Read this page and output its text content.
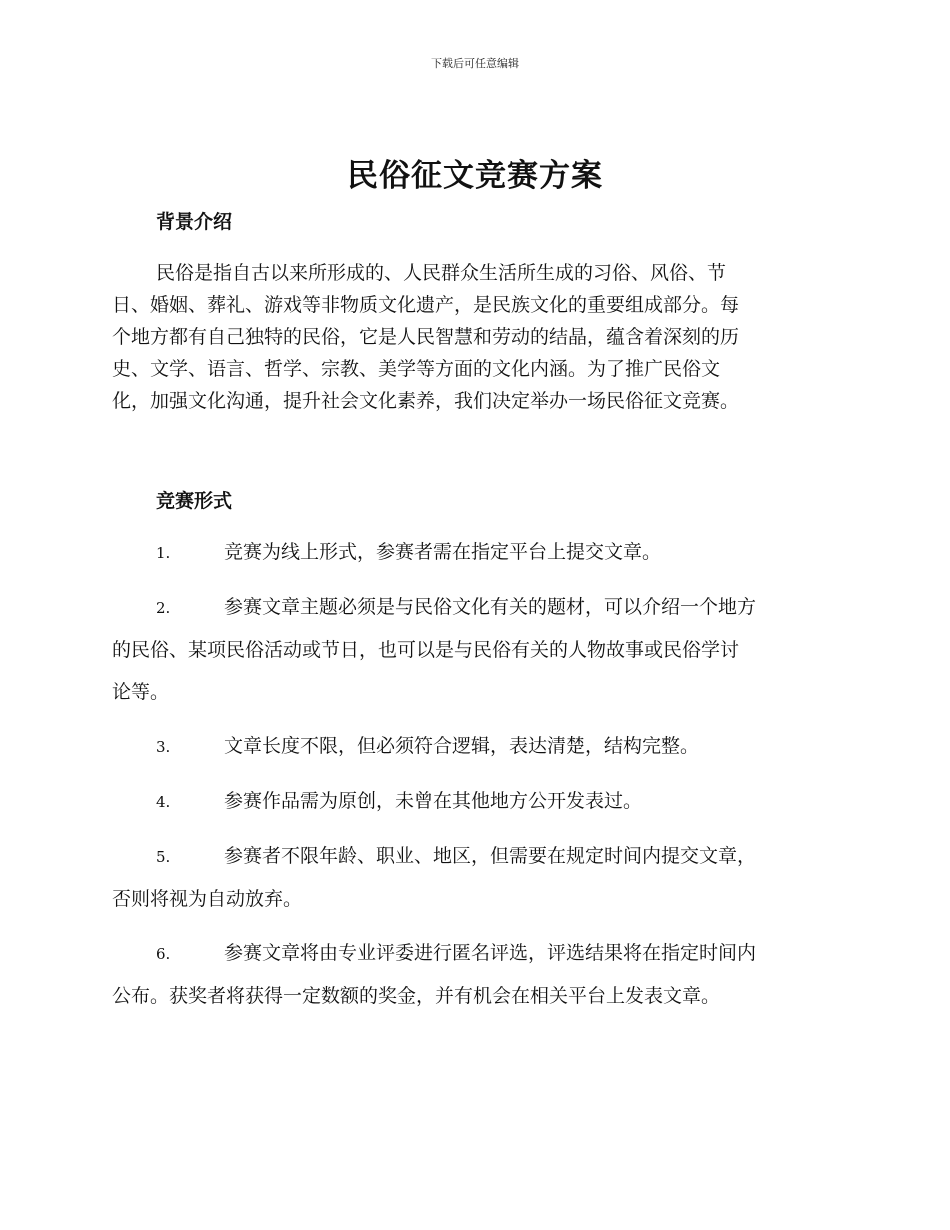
下载后可任意编辑
民俗征文竞赛方案
背景介绍
民俗是指自古以来所形成的、人民群众生活所生成的习俗、风俗、节
日、婚姻、葬礼、游戏等非物质文化遗产，是民族文化的重要组成部分。每
个地方都有自己独特的民俗，它是人民智慧和劳动的结晶，蕴含着深刻的历
史、文学、语言、哲学、宗教、美学等方面的文化内涵。为了推广民俗文
化，加强文化沟通，提升社会文化素养，我们决定举办一场民俗征文竞赛。
竞赛形式
1.	竞赛为线上形式，参赛者需在指定平台上提交文章。
2.	参赛文章主题必须是与民俗文化有关的题材，可以介绍一个地方
的民俗、某项民俗活动或节日，也可以是与民俗有关的人物故事或民俗学讨
论等。
3.	文章长度不限，但必须符合逻辑，表达清楚，结构完整。
4.	参赛作品需为原创，未曾在其他地方公开发表过。
5.	参赛者不限年龄、职业、地区，但需要在规定时间内提交文章，
否则将视为自动放弃。
6.	参赛文章将由专业评委进行匿名评选，评选结果将在指定时间内
公布。获奖者将获得一定数额的奖金，并有机会在相关平台上发表文章。
